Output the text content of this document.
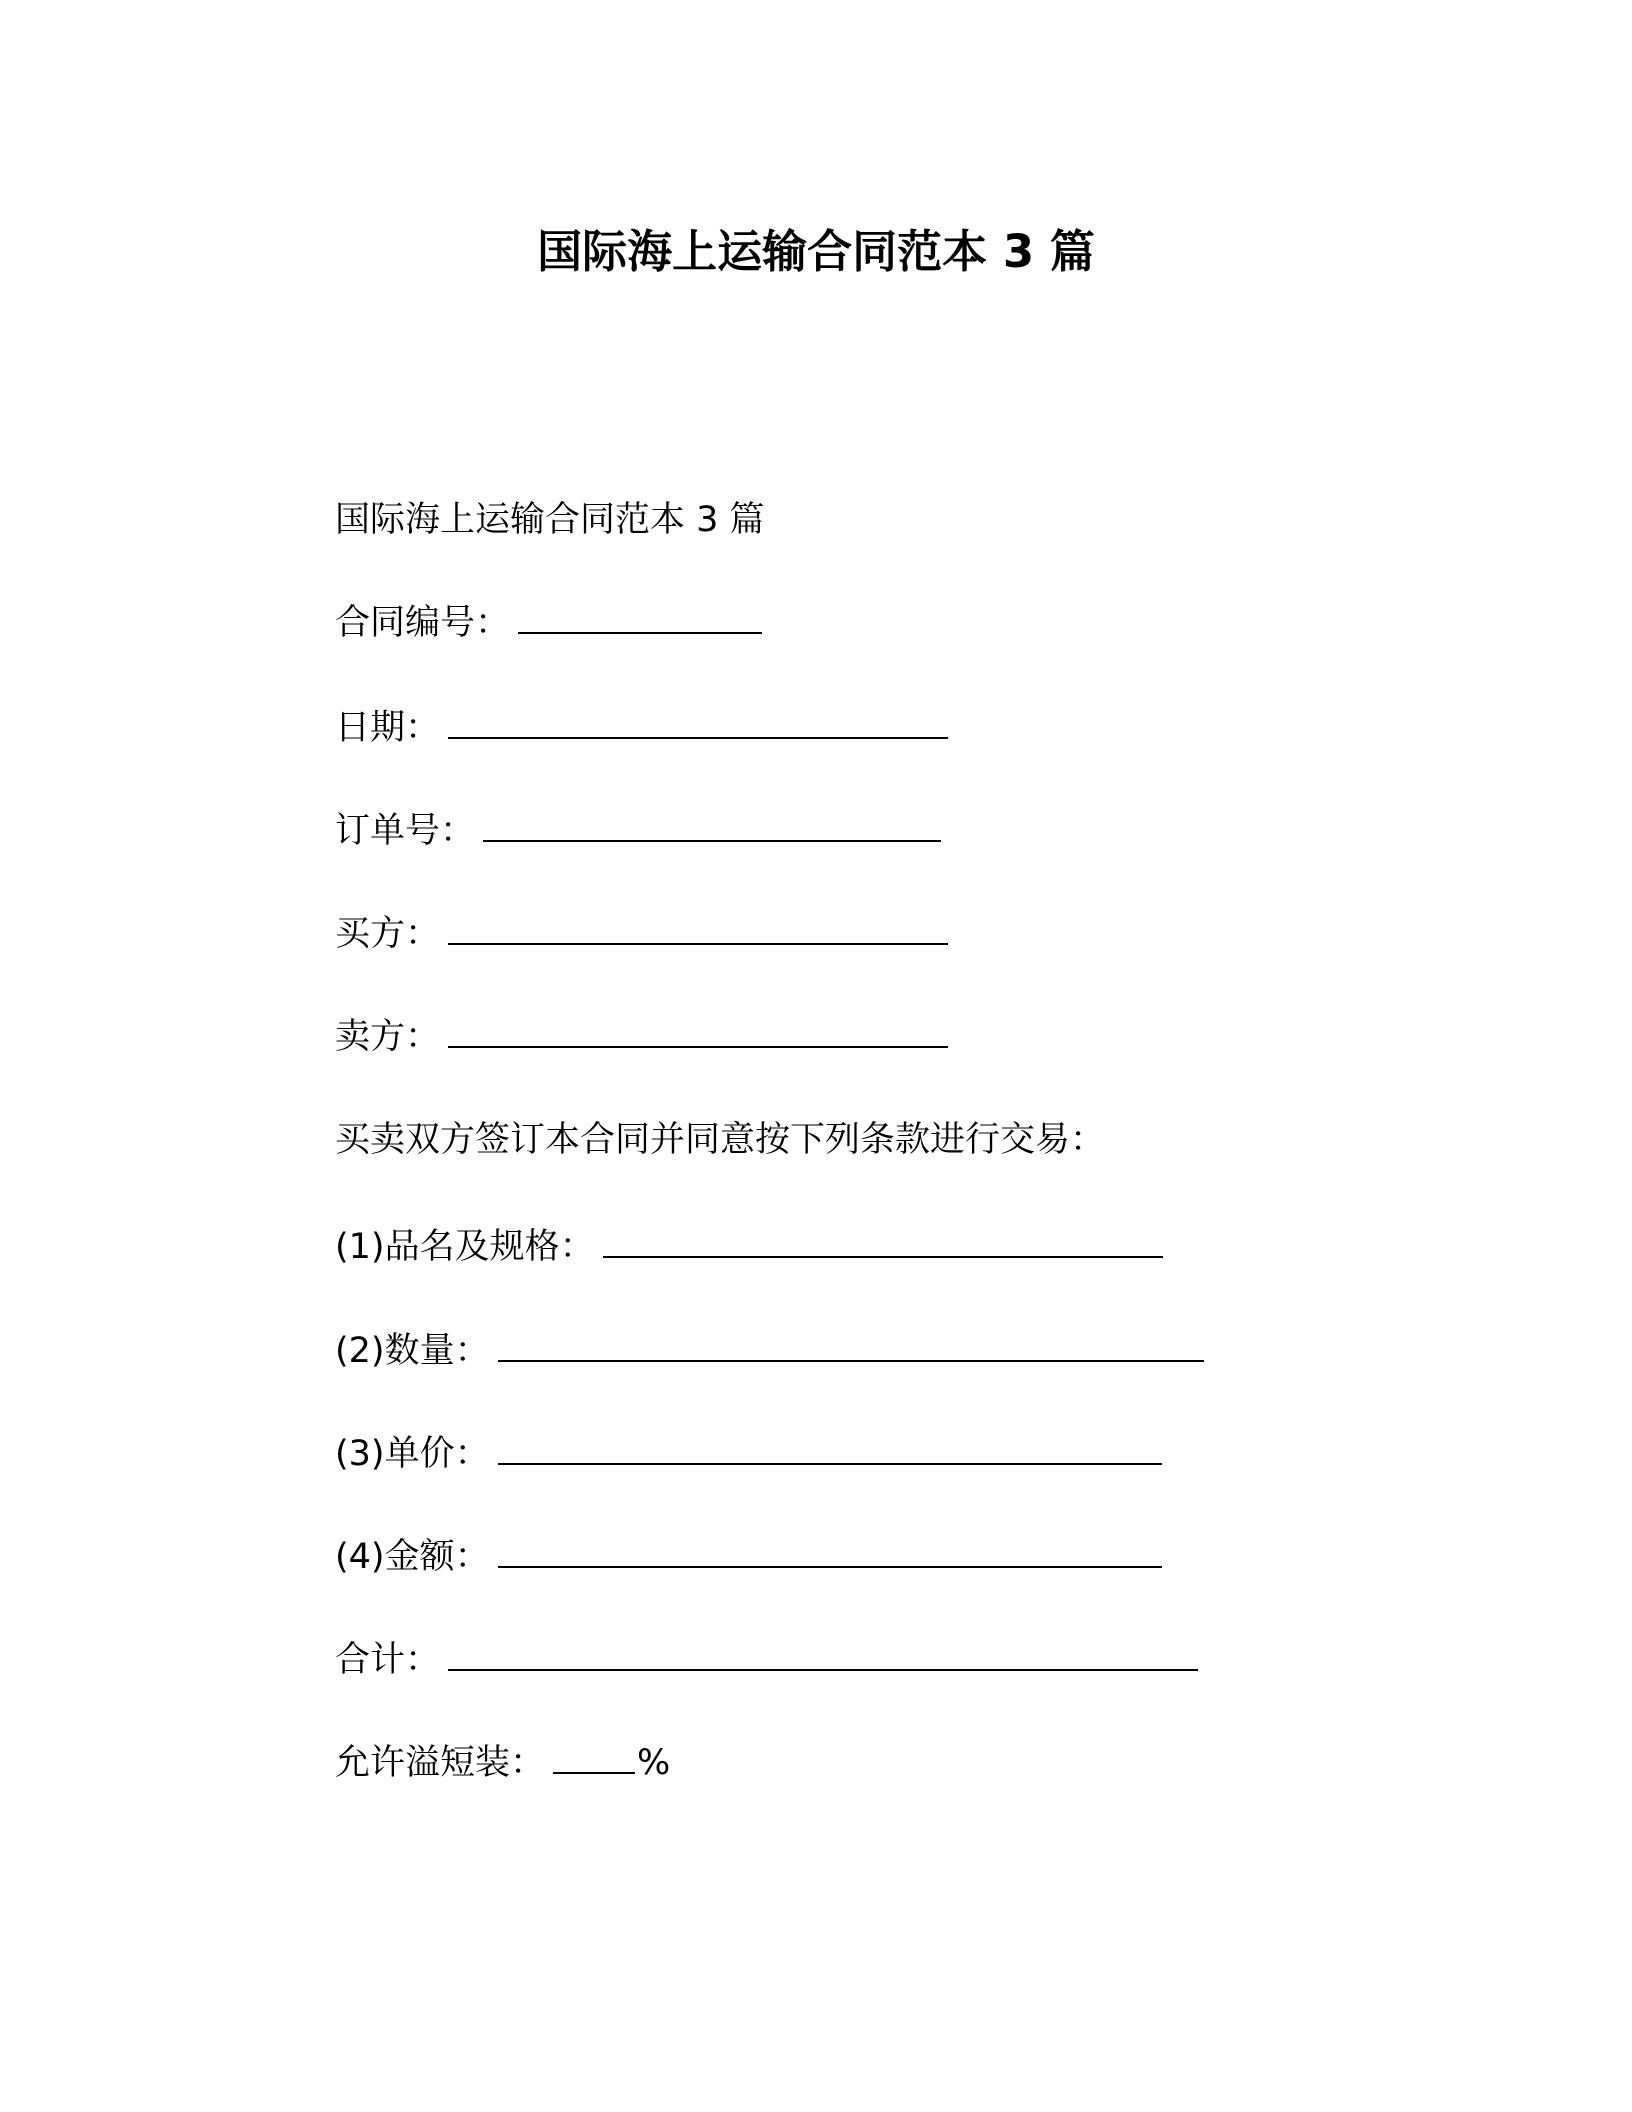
国际海上运输合同范本 3 篇
国际海上运输合同范本 3 篇
合同编号：
日期：
订单号：
买方：
卖方：
买卖双方签订本合同并同意按下列条款进行交易：
(1)品名及规格：
(2)数量：
(3)单价：
(4)金额：
合计：
允许溢短装：	%
